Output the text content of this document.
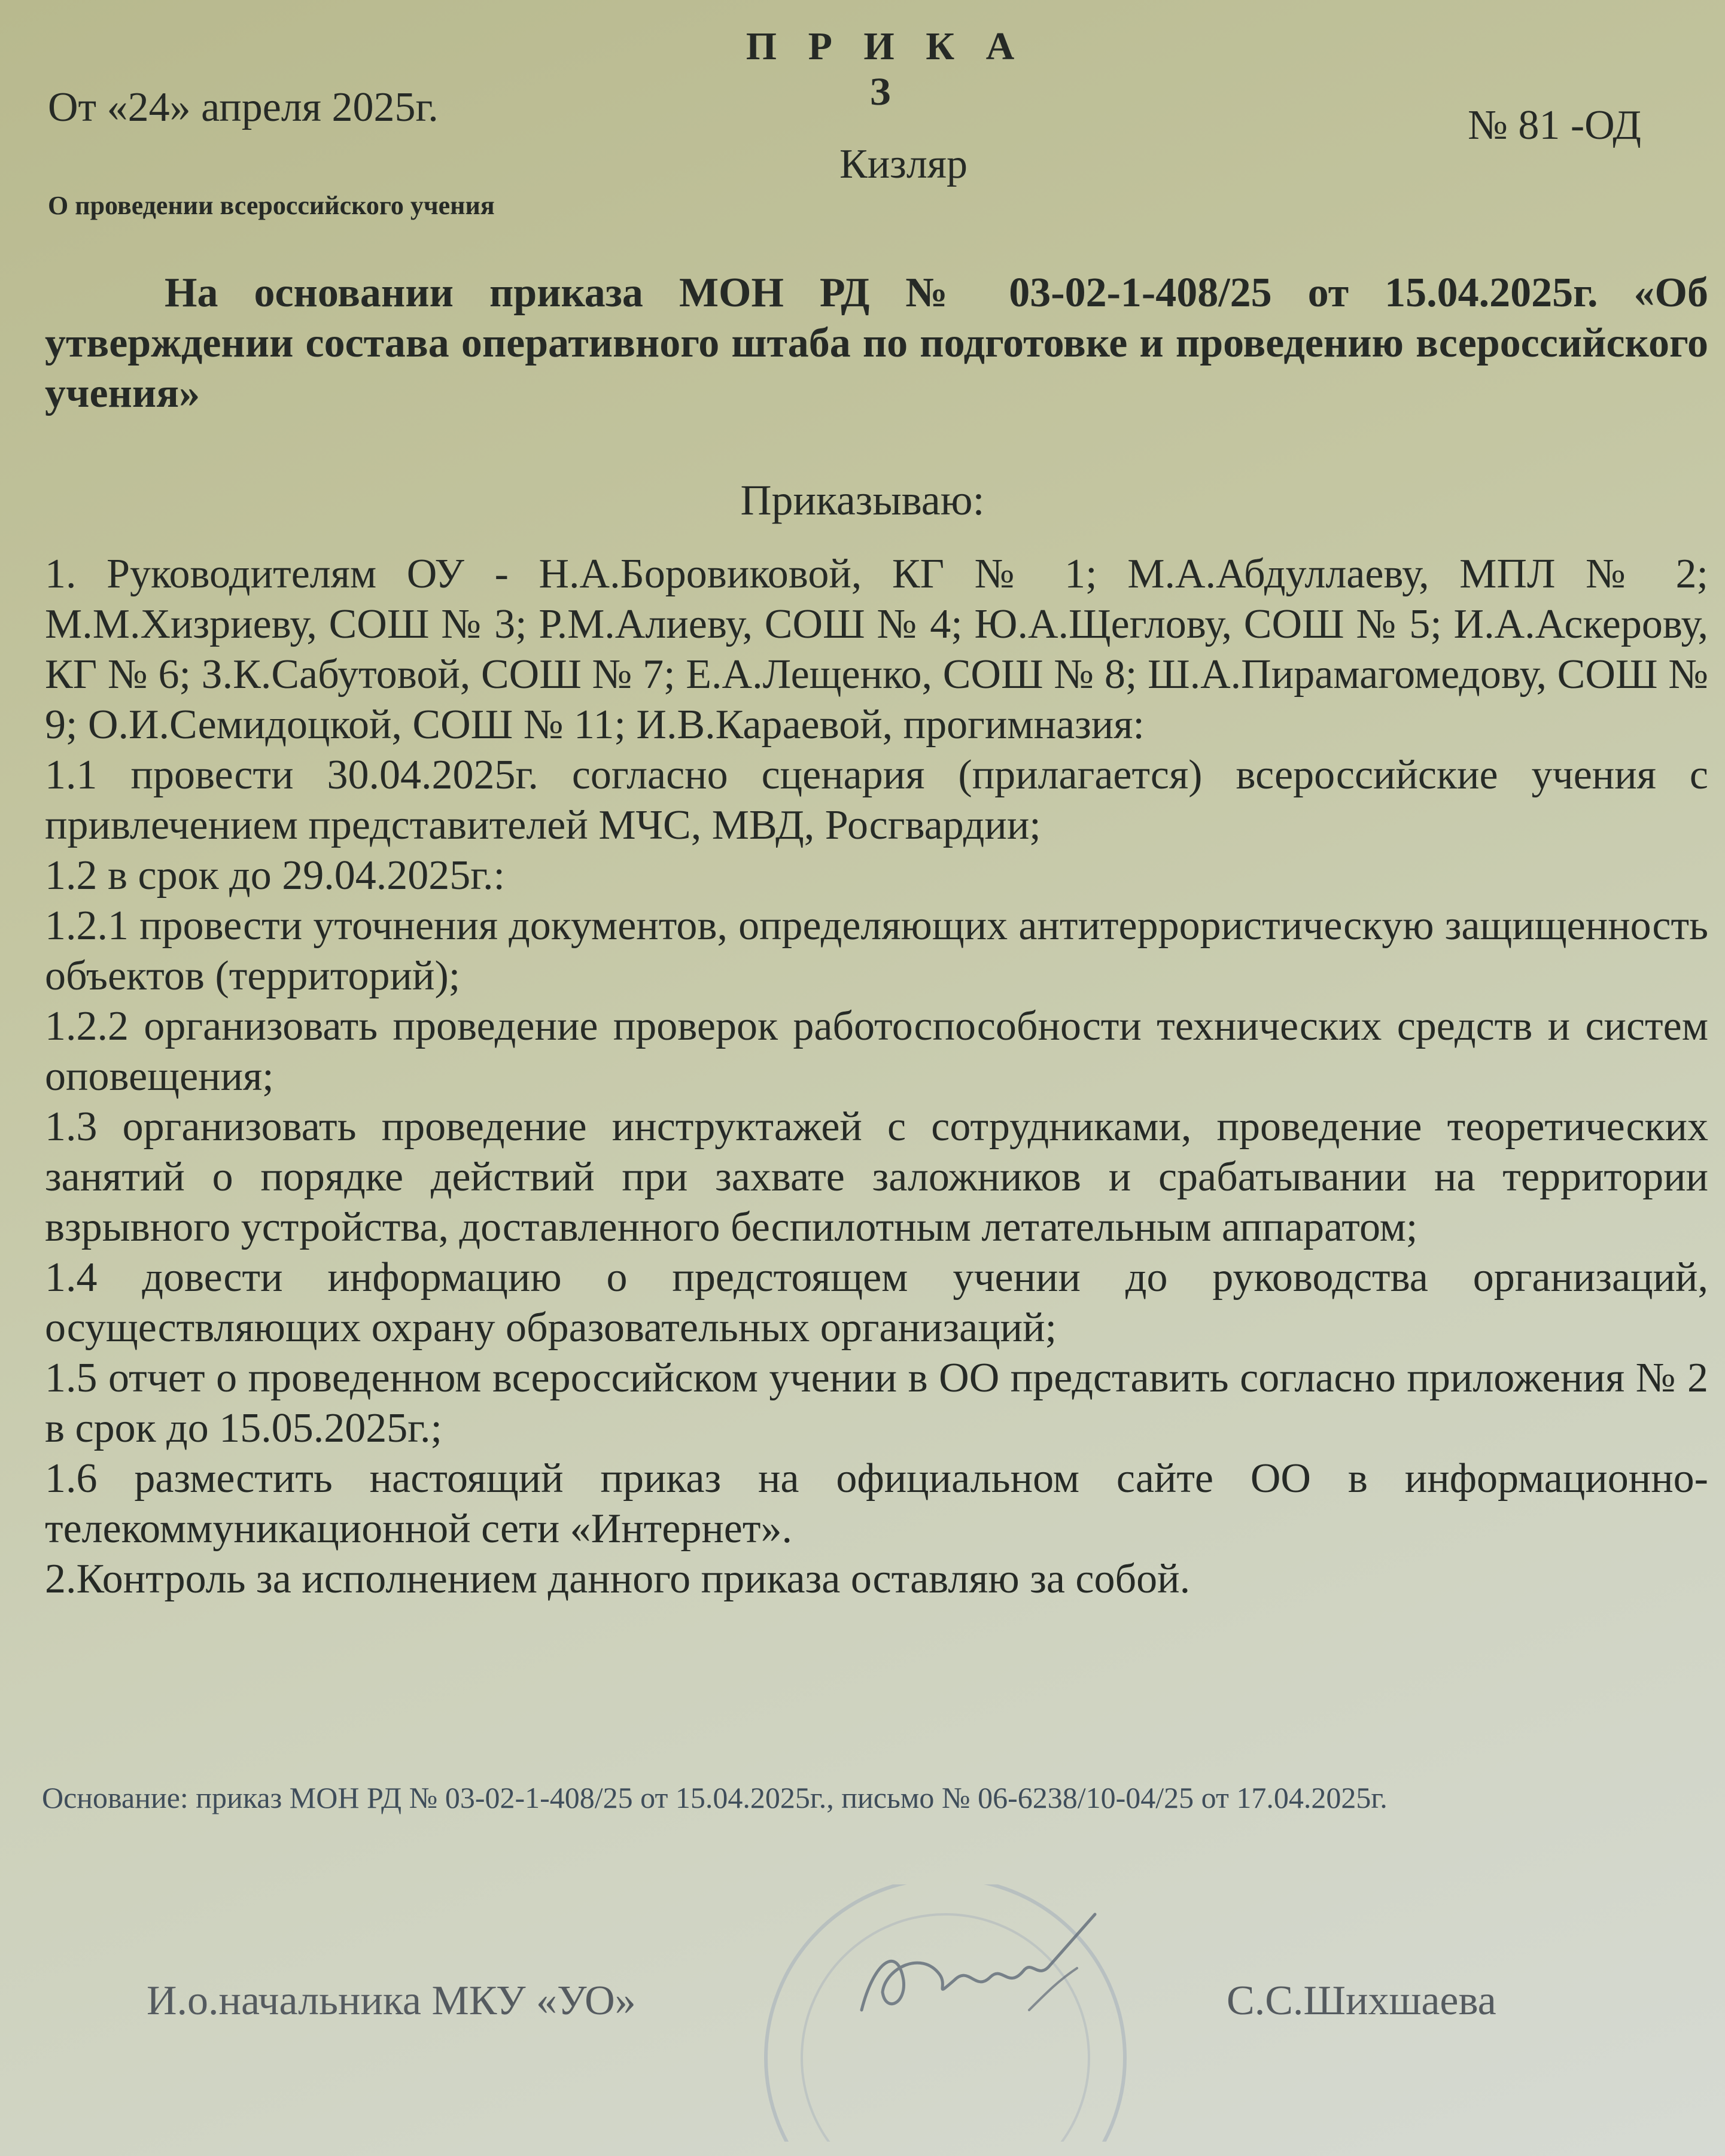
П Р И К А З
От «24» апреля 2025г.	№ 81 -ОД
Кизляр
О проведении всероссийского учения
На основании приказа МОН РД № 03-02-1-408/25 от 15.04.2025г. «Об утверждении состава оперативного штаба по подготовке и проведению всероссийского учения»
Приказываю:

1. Руководителям ОУ - Н.А.Боровиковой, КГ № 1; М.А.Абдуллаеву, МПЛ № 2; М.М.Хизриеву, СОШ № 3; Р.М.Алиеву, СОШ № 4; Ю.А.Щеглову, СОШ № 5; И.А.Аскерову, КГ № 6; З.К.Сабутовой, СОШ № 7; Е.А.Лещенко, СОШ № 8; Ш.А.Пирамагомедову, СОШ № 9; О.И.Семидоцкой, СОШ № 11; И.В.Караевой, прогимназия:

1.1 провести 30.04.2025г. согласно сценария (прилагается) всероссийские учения с привлечением представителей МЧС, МВД, Росгвардии;

1.2 в срок до 29.04.2025г.:

1.2.1 провести уточнения документов, определяющих антитеррористическую защищенность объектов (территорий);

1.2.2 организовать проведение проверок работоспособности технических средств и систем оповещения;

1.3 организовать проведение инструктажей с сотрудниками, проведение теоретических занятий о порядке действий при захвате заложников и срабатывании на территории взрывного устройства, доставленного беспилотным летательным аппаратом;

1.4 довести информацию о предстоящем учении до руководства организаций, осуществляющих охрану образовательных организаций;

1.5 отчет о проведенном всероссийском учении в ОО представить согласно приложения № 2 в срок до 15.05.2025г.;

1.6 разместить настоящий приказ на официальном сайте ОО в информационно-телекоммуникационной сети «Интернет».

2.Контроль за исполнением данного приказа оставляю за собой.

Основание: приказ МОН РД № 03-02-1-408/25 от 15.04.2025г., письмо № 06-6238/10-04/25 от 17.04.2025г.
И.о.начальника МКУ «УО»	С.С.Шихшаева
